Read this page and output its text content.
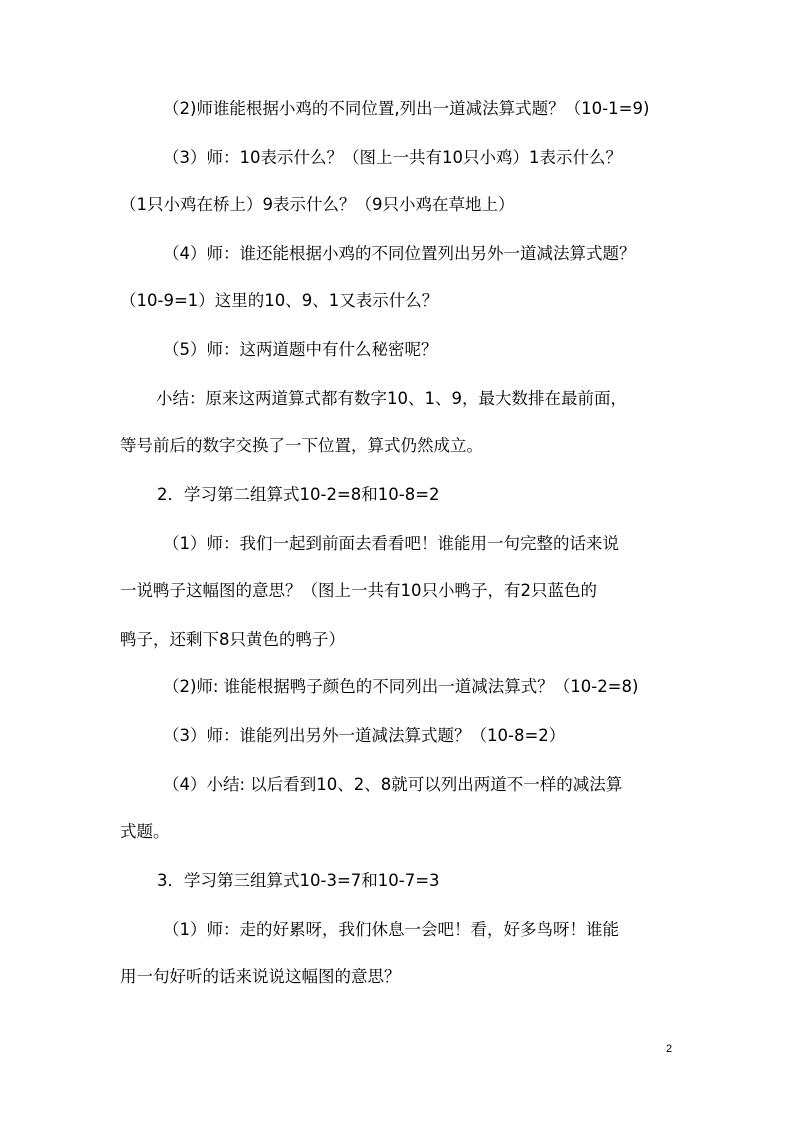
（2)师谁能根据小鸡的不同位置,列出一道减法算式题？（10-1=9)
（3）师：10表示什么？（图上一共有10只小鸡）1表示什么？
（1只小鸡在桥上）9表示什么？（9只小鸡在草地上）
（4）师：谁还能根据小鸡的不同位置列出另外一道减法算式题？
（10-9=1）这里的10、9、1又表示什么？
（5）师：这两道题中有什么秘密呢？
小结：原来这两道算式都有数字10、1、9，最大数排在最前面，
等号前后的数字交换了一下位置，算式仍然成立。
2．学习第二组算式10-2=8和10-8=2
（1）师：我们一起到前面去看看吧！谁能用一句完整的话来说
一说鸭子这幅图的意思？（图上一共有10只小鸭子，有2只蓝色的
鸭子，还剩下8只黄色的鸭子）
（2)师: 谁能根据鸭子颜色的不同列出一道减法算式？（10-2=8)
（3）师：谁能列出另外一道减法算式题？（10-8=2）
（4）小结: 以后看到10、2、8就可以列出两道不一样的减法算
式题。
3．学习第三组算式10-3=7和10-7=3
（1）师：走的好累呀，我们休息一会吧！看，好多鸟呀！谁能
用一句好听的话来说说这幅图的意思？
2
